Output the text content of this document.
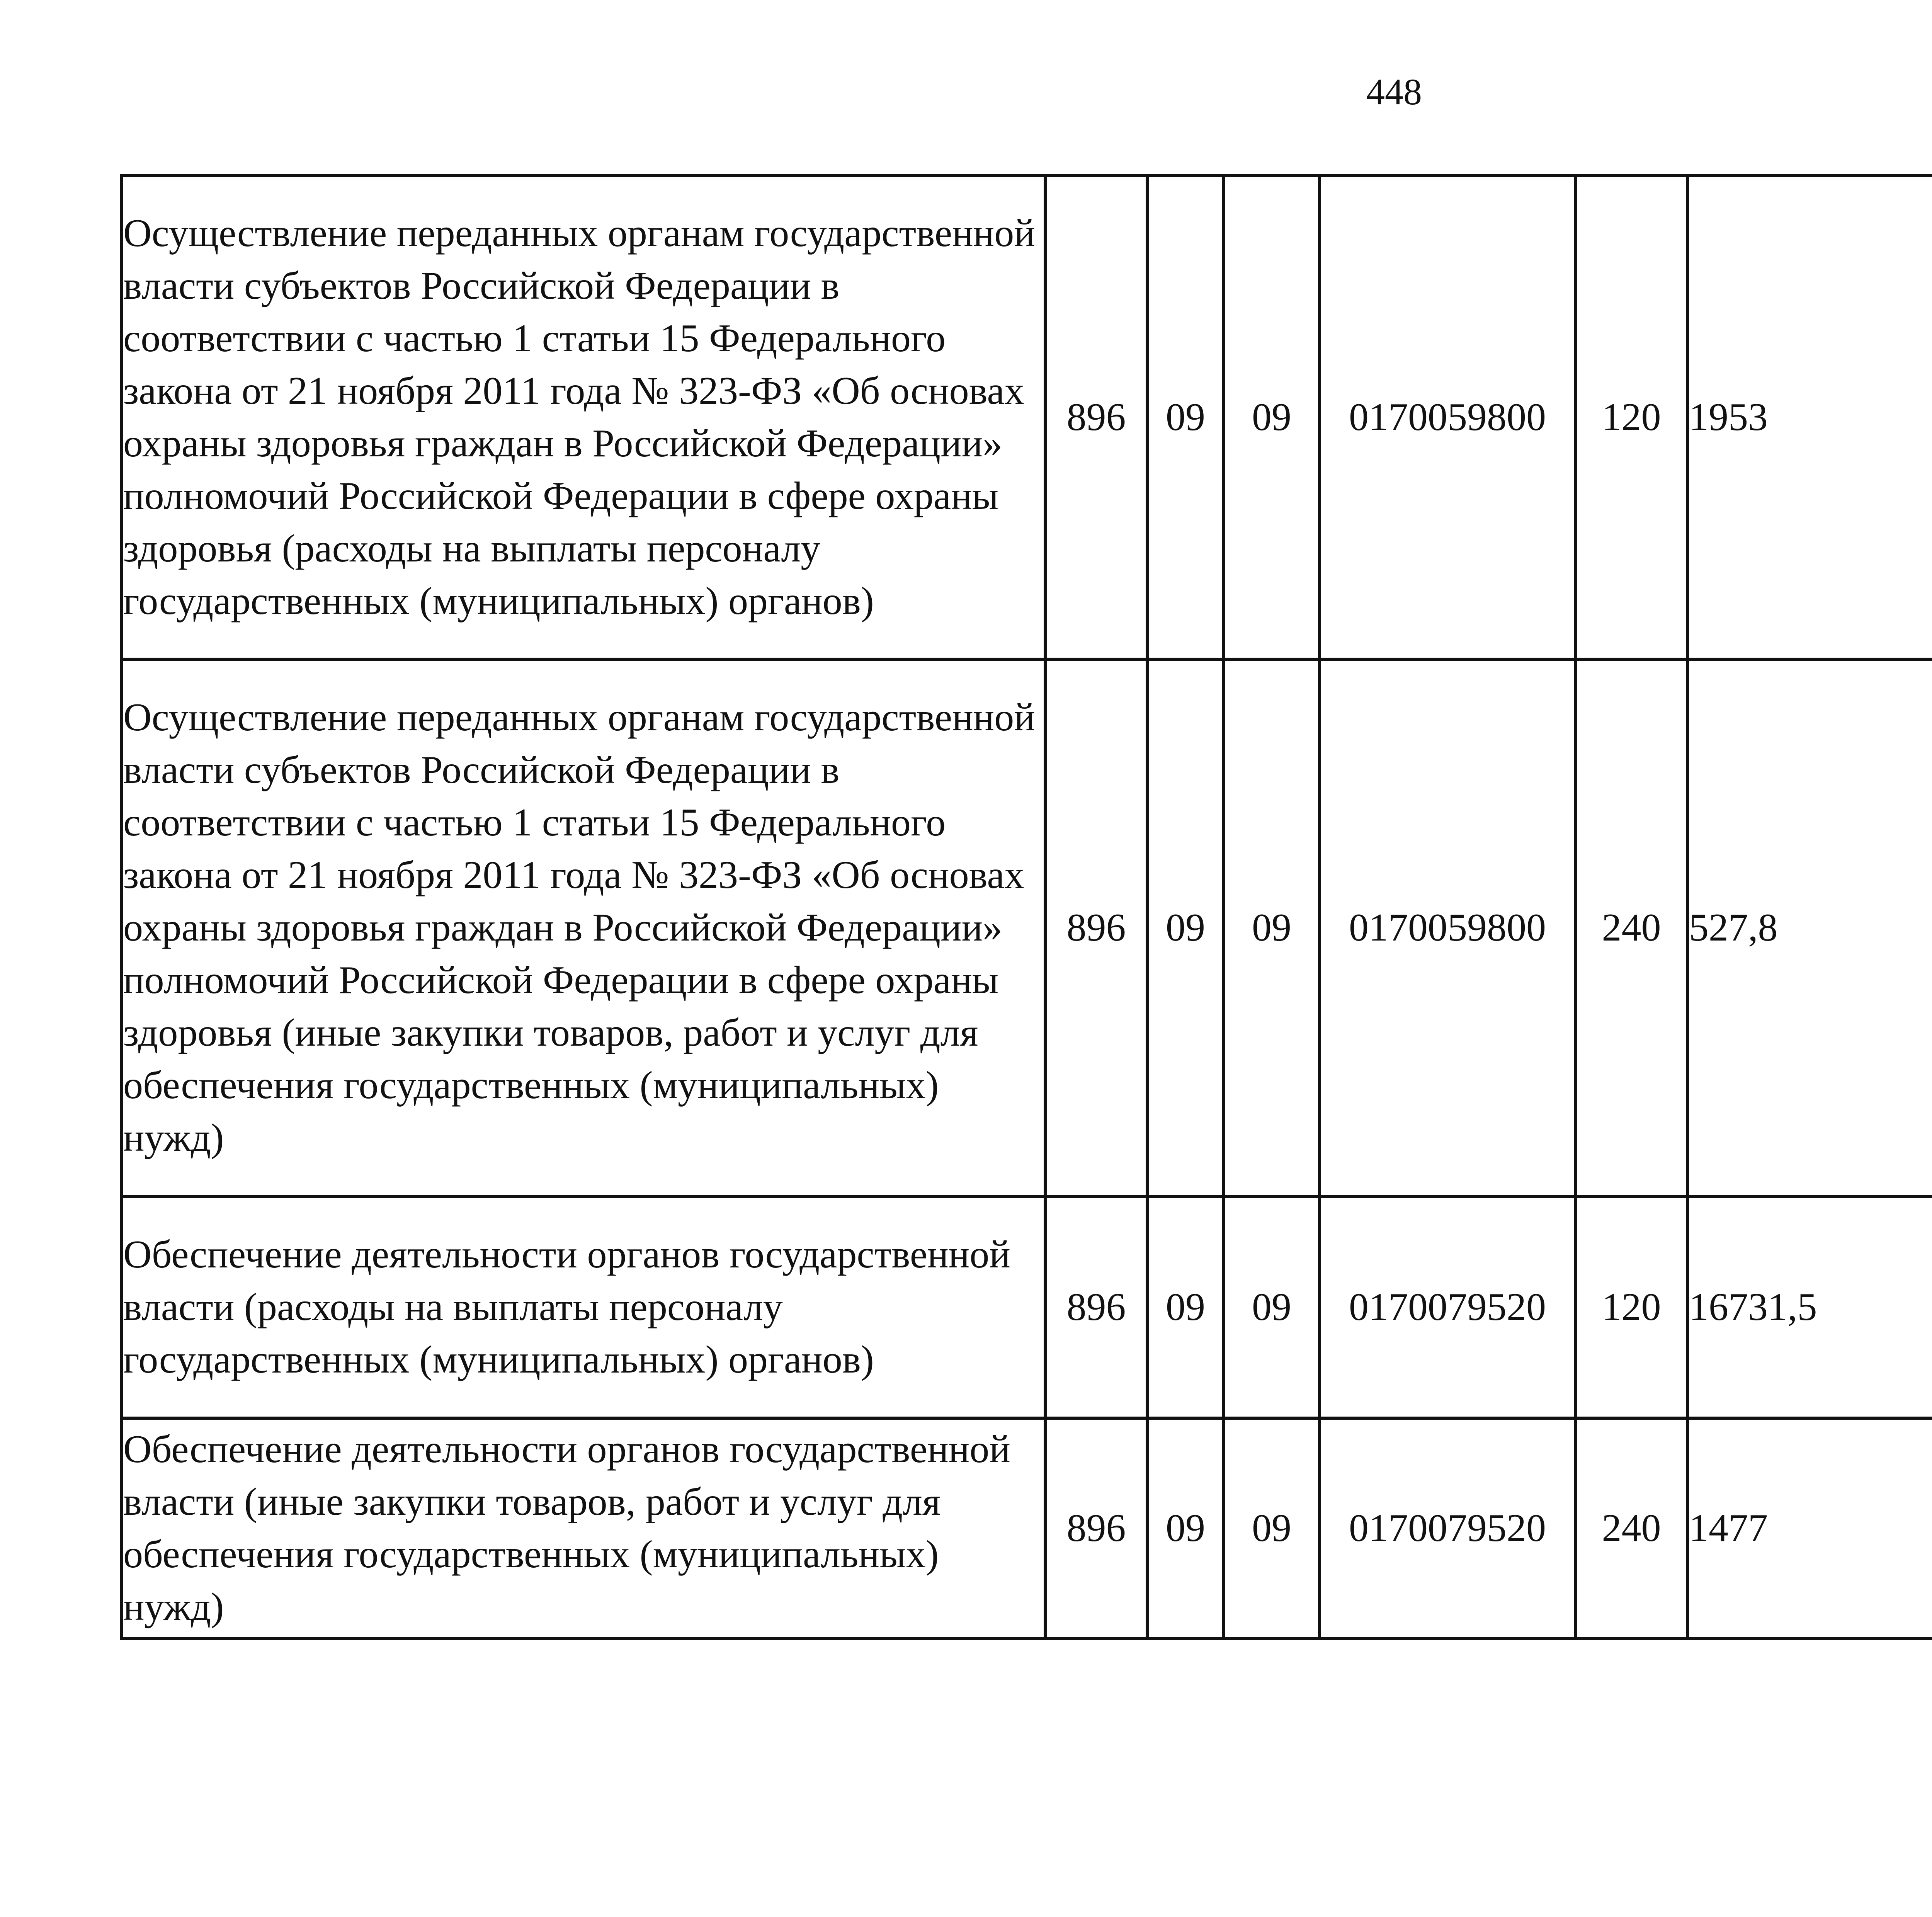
448
Осуществление переданных органам государственной власти субъектов Российской Федерации в соответствии с частью 1 статьи 15 Федерального закона от 21 ноября 2011 года № 323-ФЗ «Об основах охраны здоровья граждан в Российской Федерации» полномочий Российской Федерации в сфере охраны здоровья (расходы на выплаты персоналу государственных (муниципальных) органов)	896	09	09	0170059800	120	1953		
Осуществление переданных органам государственной власти субъектов Российской Федерации в соответствии с частью 1 статьи 15 Федерального закона от 21 ноября 2011 года № 323-ФЗ «Об основах охраны здоровья граждан в Российской Федерации» полномочий Российской Федерации в сфере охраны здоровья (иные закупки товаров, работ и услуг для обеспечения государственных (муниципальных) нужд)	896	09	09	0170059800	240	527,8		
Обеспечение деятельности органов государственной власти (расходы на выплаты персоналу государственных (муниципальных) органов)	896	09	09	0170079520	120	16731,5		
Обеспечение деятельности органов государственной власти (иные закупки товаров, работ и услуг для обеспечения государственных (муниципальных) нужд)	896	09	09	0170079520	240	1477		
